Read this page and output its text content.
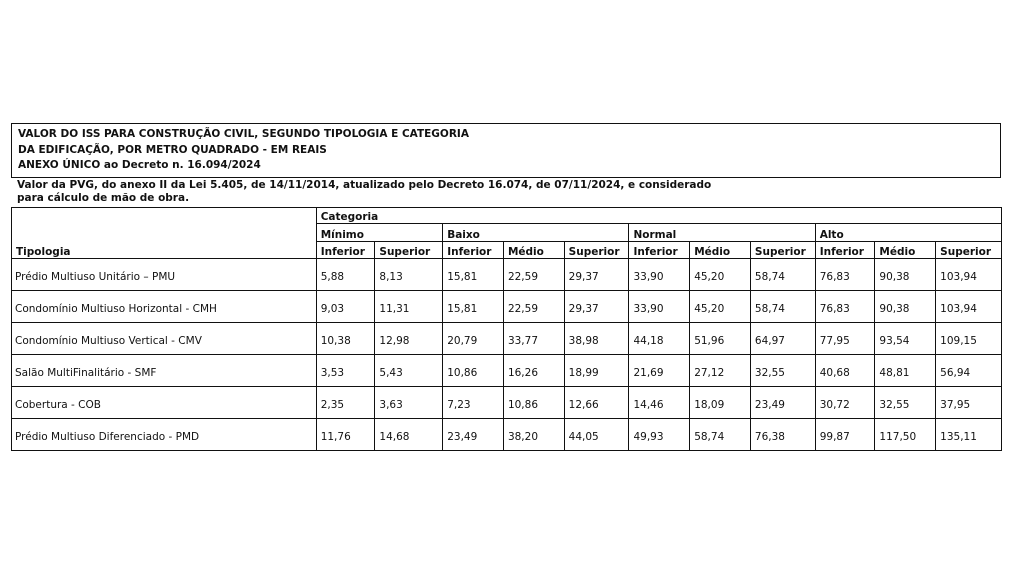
VALOR DO ISS PARA CONSTRUÇÃO CIVIL, SEGUNDO TIPOLOGIA E CATEGORIA
DA EDIFICAÇÃO, POR METRO QUADRADO - EM REAIS
ANEXO ÚNICO ao Decreto n. 16.094/2024
Valor da PVG, do anexo II da Lei 5.405, de 14/11/2014, atualizado pelo Decreto 16.074, de 07/11/2024, e considerado
para cálculo de mão de obra.
	Categoria										
	Mínimo		Baixo			Normal			Alto		
Tipologia	Inferior	Superior	Inferior	Médio	Superior	Inferior	Médio	Superior	Inferior	Médio	Superior
Prédio Multiuso Unitário – PMU	5,88	8,13	15,81	22,59	29,37	33,90	45,20	58,74	76,83	90,38	103,94
Condomínio Multiuso Horizontal - CMH	9,03	11,31	15,81	22,59	29,37	33,90	45,20	58,74	76,83	90,38	103,94
Condomínio Multiuso Vertical - CMV	10,38	12,98	20,79	33,77	38,98	44,18	51,96	64,97	77,95	93,54	109,15
Salão MultiFinalitário - SMF	3,53	5,43	10,86	16,26	18,99	21,69	27,12	32,55	40,68	48,81	56,94
Cobertura - COB	2,35	3,63	7,23	10,86	12,66	14,46	18,09	23,49	30,72	32,55	37,95
Prédio Multiuso Diferenciado - PMD	11,76	14,68	23,49	38,20	44,05	49,93	58,74	76,38	99,87	117,50	135,11
